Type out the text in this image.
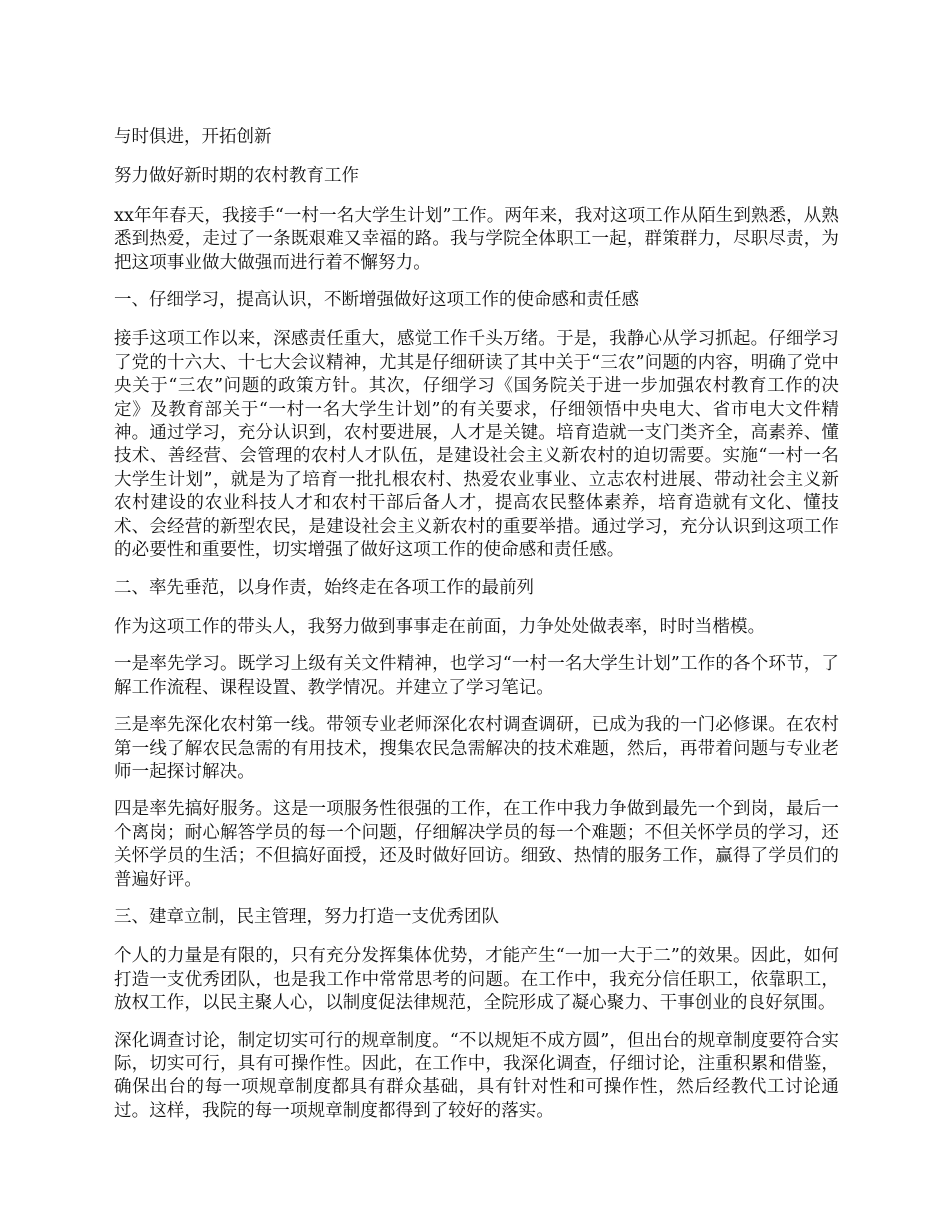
与时俱进，开拓创新

努力做好新时期的农村教育工作

xx年年春天，我接手“一村一名大学生计划”工作。两年来，我对这项工作从陌生到熟悉，从熟悉到热爱，走过了一条既艰难又幸福的路。我与学院全体职工一起，群策群力，尽职尽责，为把这项事业做大做强而进行着不懈努力。

一、仔细学习，提高认识，不断增强做好这项工作的使命感和责任感

接手这项工作以来，深感责任重大，感觉工作千头万绪。于是，我静心从学习抓起。仔细学习了党的十六大、十七大会议精神，尤其是仔细研读了其中关于“三农”问题的内容，明确了党中央关于“三农”问题的政策方针。其次，仔细学习《国务院关于进一步加强农村教育工作的决定》及教育部关于“一村一名大学生计划”的有关要求，仔细领悟中央电大、省市电大文件精神。通过学习，充分认识到，农村要进展，人才是关键。培育造就一支门类齐全，高素养、懂技术、善经营、会管理的农村人才队伍，是建设社会主义新农村的迫切需要。实施“一村一名大学生计划”，就是为了培育一批扎根农村、热爱农业事业、立志农村进展、带动社会主义新农村建设的农业科技人才和农村干部后备人才，提高农民整体素养，培育造就有文化、懂技术、会经营的新型农民，是建设社会主义新农村的重要举措。通过学习，充分认识到这项工作的必要性和重要性，切实增强了做好这项工作的使命感和责任感。

二、率先垂范，以身作责，始终走在各项工作的最前列

作为这项工作的带头人，我努力做到事事走在前面，力争处处做表率，时时当楷模。

一是率先学习。既学习上级有关文件精神，也学习“一村一名大学生计划”工作的各个环节，了解工作流程、课程设置、教学情况。并建立了学习笔记。

三是率先深化农村第一线。带领专业老师深化农村调查调研，已成为我的一门必修课。在农村第一线了解农民急需的有用技术，搜集农民急需解决的技术难题，然后，再带着问题与专业老师一起探讨解决。

四是率先搞好服务。这是一项服务性很强的工作，在工作中我力争做到最先一个到岗，最后一个离岗；耐心解答学员的每一个问题，仔细解决学员的每一个难题；不但关怀学员的学习，还关怀学员的生活；不但搞好面授，还及时做好回访。细致、热情的服务工作，赢得了学员们的普遍好评。

三、建章立制，民主管理，努力打造一支优秀团队

个人的力量是有限的，只有充分发挥集体优势，才能产生“一加一大于二”的效果。因此，如何打造一支优秀团队，也是我工作中常常思考的问题。在工作中，我充分信任职工，依靠职工，放权工作，以民主聚人心，以制度促法律规范，全院形成了凝心聚力、干事创业的良好氛围。

深化调查讨论，制定切实可行的规章制度。“不以规矩不成方圆”，但出台的规章制度要符合实际，切实可行，具有可操作性。因此，在工作中，我深化调查，仔细讨论，注重积累和借鉴，确保出台的每一项规章制度都具有群众基础，具有针对性和可操作性，然后经教代工讨论通过。这样，我院的每一项规章制度都得到了较好的落实。
